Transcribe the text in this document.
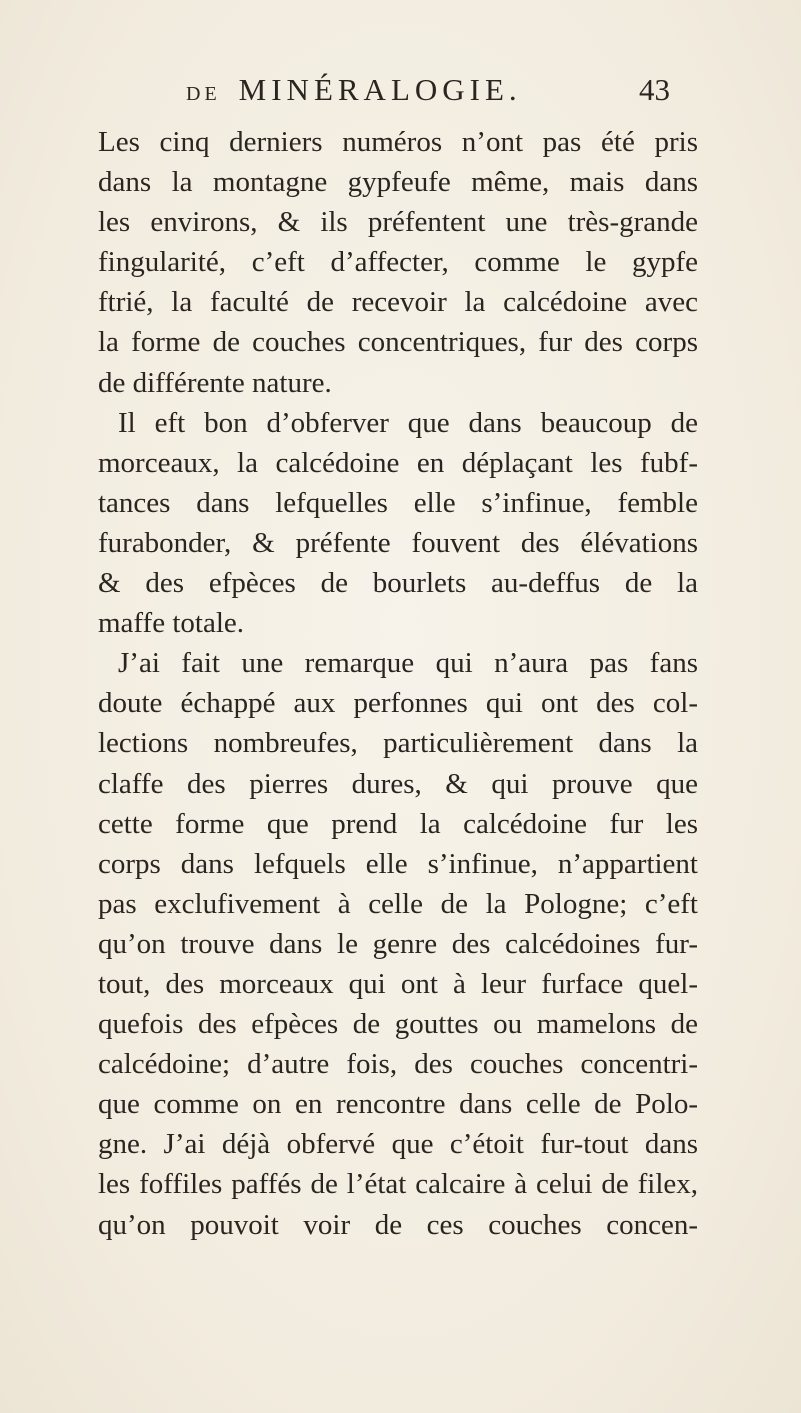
DE MINÉRALOGIE.	43
Les cinq derniers numéros n’ont pas été pris
dans la montagne gypfeufe même, mais dans
les environs, & ils préfentent une très-grande
fingularité, c’eft d’affecter, comme le gypfe
ftrié, la faculté de recevoir la calcédoine avec
la forme de couches concentriques, fur des corps
de différente nature.
Il eft bon d’obferver que dans beaucoup de
morceaux, la calcédoine en déplaçant les fubf-
tances dans lefquelles elle s’infinue, femble
furabonder, & préfente fouvent des élévations
& des efpèces de bourlets au-deffus de la
maffe totale.
J’ai fait une remarque qui n’aura pas fans
doute échappé aux perfonnes qui ont des col-
lections nombreufes, particulièrement dans la
claffe des pierres dures, & qui prouve que
cette forme que prend la calcédoine fur les
corps dans lefquels elle s’infinue, n’appartient
pas exclufivement à celle de la Pologne; c’eft
qu’on trouve dans le genre des calcédoines fur-
tout, des morceaux qui ont à leur furface quel-
quefois des efpèces de gouttes ou mamelons de
calcédoine; d’autre fois, des couches concentri-
que comme on en rencontre dans celle de Polo-
gne. J’ai déjà obfervé que c’étoit fur-tout dans
les foffiles paffés de l’état calcaire à celui de filex,
qu’on pouvoit voir de ces couches concen-
